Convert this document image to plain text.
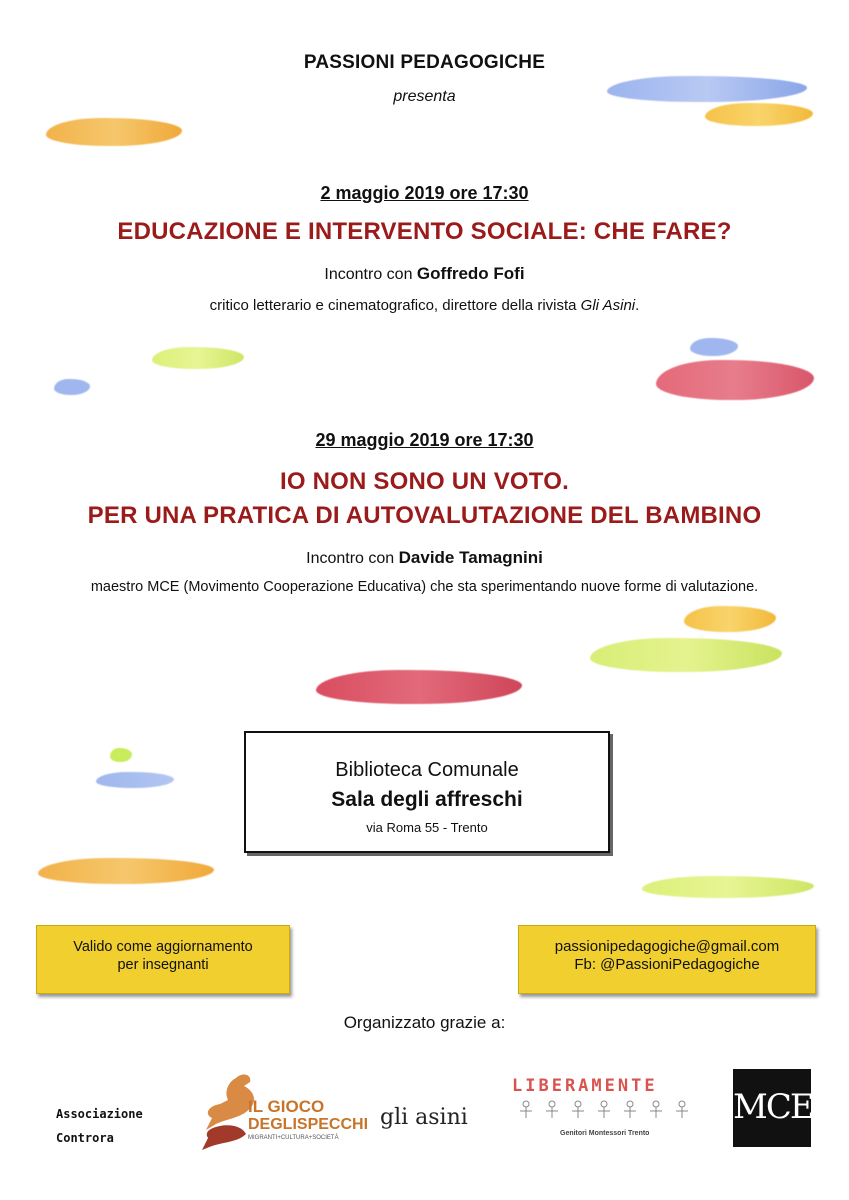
PASSIONI PEDAGOGICHE
presenta
2 maggio 2019 ore 17:30
EDUCAZIONE E INTERVENTO SOCIALE: CHE FARE?
Incontro con Goffredo Fofi
critico letterario e cinematografico, direttore della rivista Gli Asini.
29 maggio 2019 ore 17:30
IO NON SONO UN VOTO.
PER UNA PRATICA DI AUTOVALUTAZIONE DEL BAMBINO
Incontro con Davide Tamagnini
maestro MCE (Movimento Cooperazione Educativa) che sta sperimentando nuove forme di valutazione.
Biblioteca Comunale
Sala degli affreschi
via Roma 55 - Trento
Valido come aggiornamento
per insegnanti
passionipedagogiche@gmail.com
Fb: @PassioniPedagogiche
Organizzato grazie a:
Associazione
Controra
IL GIOCO
DEGLISPECCHI
MIGRANTI+CULTURA+SOCIETÀ
gli asini
LIBERAMENTE
Genitori Montessori Trento
MCE
